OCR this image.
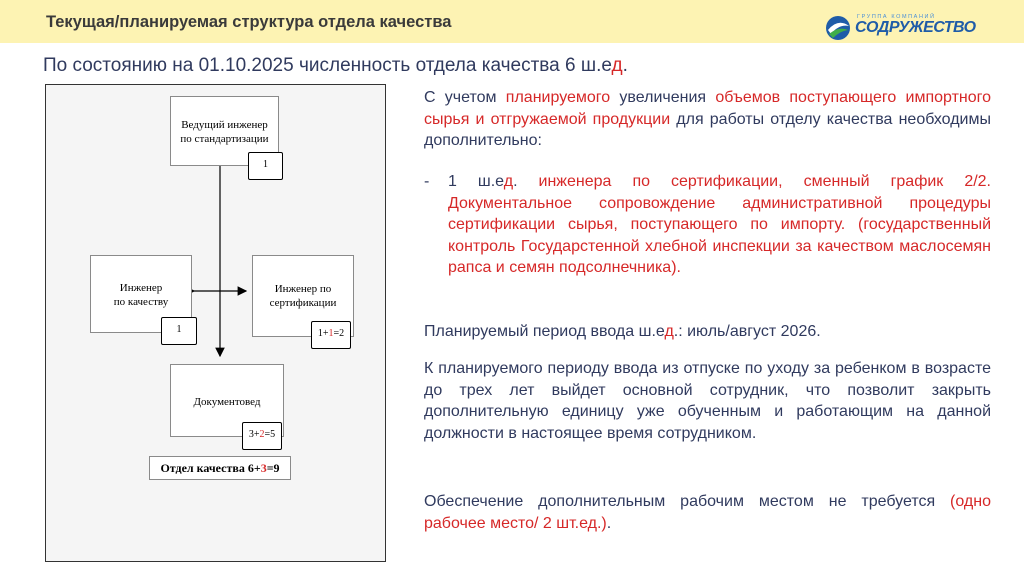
Текущая/планируемая структура отдела качества	ГРУППА КОМПАНИЙ
СОДРУЖЕСТВО
По состоянию на 01.10.2025 численность отдела качества 6 ш.ед.
Ведущий инженер
по стандартизации
1
Инженер
по качеству
1
Инженер по
сертификации
1+1=2
Документовед
3+2=5
Отдел качества 6+3=9
С учетом планируемого увеличения объемов поступающего импортного сырья и отгружаемой продукции для работы отделу качества необходимы дополнительно:
- 1 ш.ед. инженера по сертификации, сменный график 2/2. Документальное сопровождение административной процедуры сертификации сырья, поступающего по импорту. (государственный контроль Государстенной хлебной инспекции за качеством маслосемян рапса и семян подсолнечника).
Планируемый период ввода ш.ед.: июль/август 2026.
К планируемого периоду ввода из отпуске по уходу за ребенком в возрасте до трех лет выйдет основной сотрудник, что позволит закрыть дополнительную единицу уже обученным и работающим на данной должности в настоящее время сотрудником.
Обеспечение дополнительным рабочим местом не требуется (одно рабочее место/ 2 шт.ед.).
